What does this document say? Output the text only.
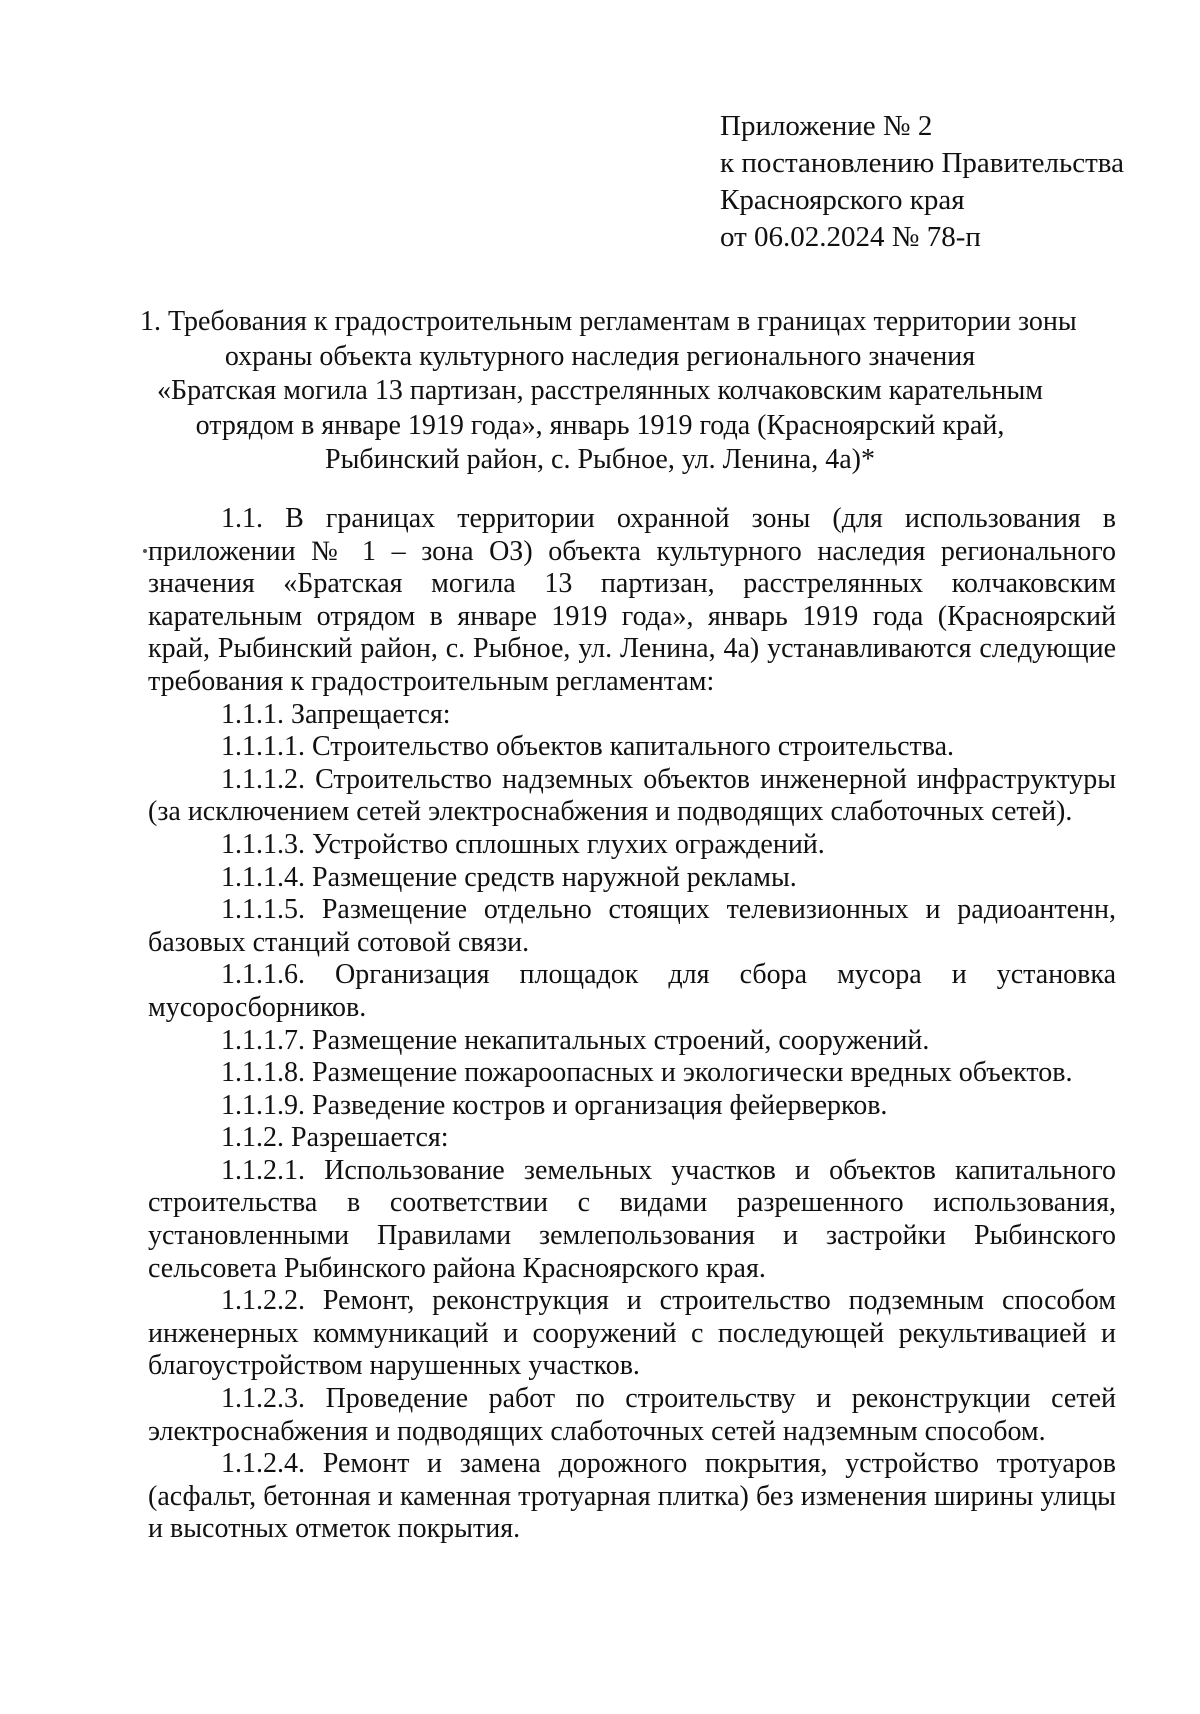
Приложение № 2
к постановлению Правительства
Красноярского края
от 06.02.2024 № 78-п
1. Требования к градостроительным регламентам в границах территории зоны
охраны объекта культурного наследия регионального значения
«Братская могила 13 партизан, расстрелянных колчаковским карательным
отрядом в январе 1919 года», январь 1919 года (Красноярский край,
Рыбинский район, с. Рыбное, ул. Ленина, 4а)*

1.1. В границах территории охранной зоны (для использования в приложении № 1 – зона ОЗ) объекта культурного наследия регионального значения «Братская могила 13 партизан, расстрелянных колчаковским карательным отрядом в январе 1919 года», январь 1919 года (Красноярский край, Рыбинский район, с. Рыбное, ул. Ленина, 4а) устанавливаются следующие требования к градостроительным регламентам:

1.1.1. Запрещается:

1.1.1.1. Строительство объектов капитального строительства.

1.1.1.2. Строительство надземных объектов инженерной инфраструктуры (за исключением сетей электроснабжения и подводящих слаботочных сетей).

1.1.1.3. Устройство сплошных глухих ограждений.

1.1.1.4. Размещение средств наружной рекламы.

1.1.1.5. Размещение отдельно стоящих телевизионных и радиоантенн, базовых станций сотовой связи.

1.1.1.6. Организация площадок для сбора мусора и установка мусоросборников.

1.1.1.7. Размещение некапитальных строений, сооружений.

1.1.1.8. Размещение пожароопасных и экологически вредных объектов.

1.1.1.9. Разведение костров и организация фейерверков.

1.1.2. Разрешается:

1.1.2.1. Использование земельных участков и объектов капитального строительства в соответствии с видами разрешенного использования, установленными Правилами землепользования и застройки Рыбинского сельсовета Рыбинского района Красноярского края.

1.1.2.2. Ремонт, реконструкция и строительство подземным способом инженерных коммуникаций и сооружений с последующей рекультивацией и благоустройством нарушенных участков.

1.1.2.3. Проведение работ по строительству и реконструкции сетей электроснабжения и подводящих слаботочных сетей надземным способом.

1.1.2.4. Ремонт и замена дорожного покрытия, устройство тротуаров (асфальт, бетонная и каменная тротуарная плитка) без изменения ширины улицы и высотных отметок покрытия.
